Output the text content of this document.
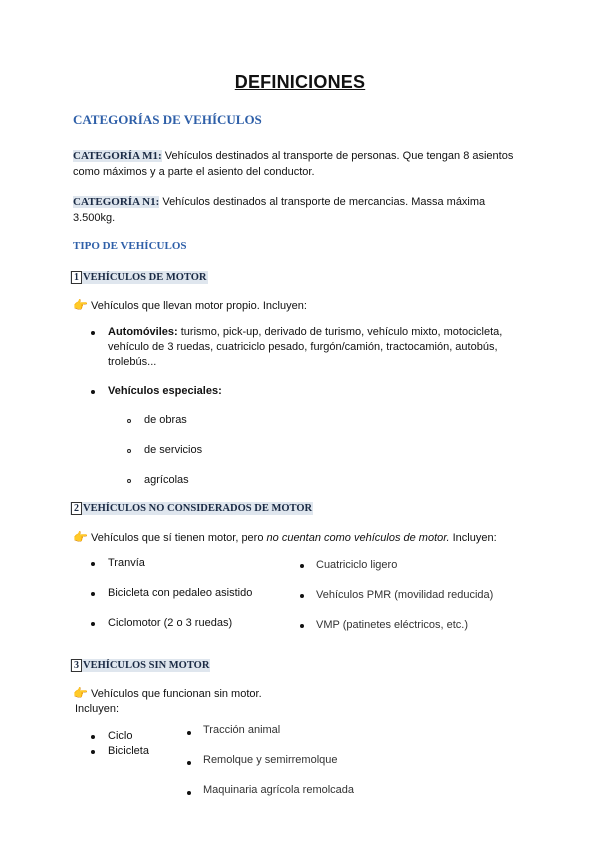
DEFINICIONES
CATEGORÍAS DE VEHÍCULOS
CATEGORÍA M1: Vehículos destinados al transporte de personas. Que tengan 8 asientos
como máximos y a parte el asiento del conductor.
CATEGORÍA N1: Vehículos destinados al transporte de mercancias. Massa máxima
3.500kg.
TIPO DE VEHÍCULOS
1 VEHÍCULOS DE MOTOR
👉 Vehículos que llevan motor propio. Incluyen:
Automóviles: turismo, pick-up, derivado de turismo, vehículo mixto, motocicleta,
vehículo de 3 ruedas, cuatriciclo pesado, furgón/camión, tractocamión, autobús,
trolebús...
Vehículos especiales:
de obras
de servicios
agrícolas
2 VEHÍCULOS NO CONSIDERADOS DE MOTOR
👉 Vehículos que sí tienen motor, pero no cuentan como vehículos de motor. Incluyen:
Tranvía
Bicicleta con pedaleo asistido
Ciclomotor (2 o 3 ruedas)
Cuatriciclo ligero
Vehículos PMR (movilidad reducida)
VMP (patinetes eléctricos, etc.)
3 VEHÍCULOS SIN MOTOR
👉 Vehículos que funcionan sin motor.
Incluyen:
Ciclo
Bicicleta
Tracción animal
Remolque y semirremolque
Maquinaria agrícola remolcada
